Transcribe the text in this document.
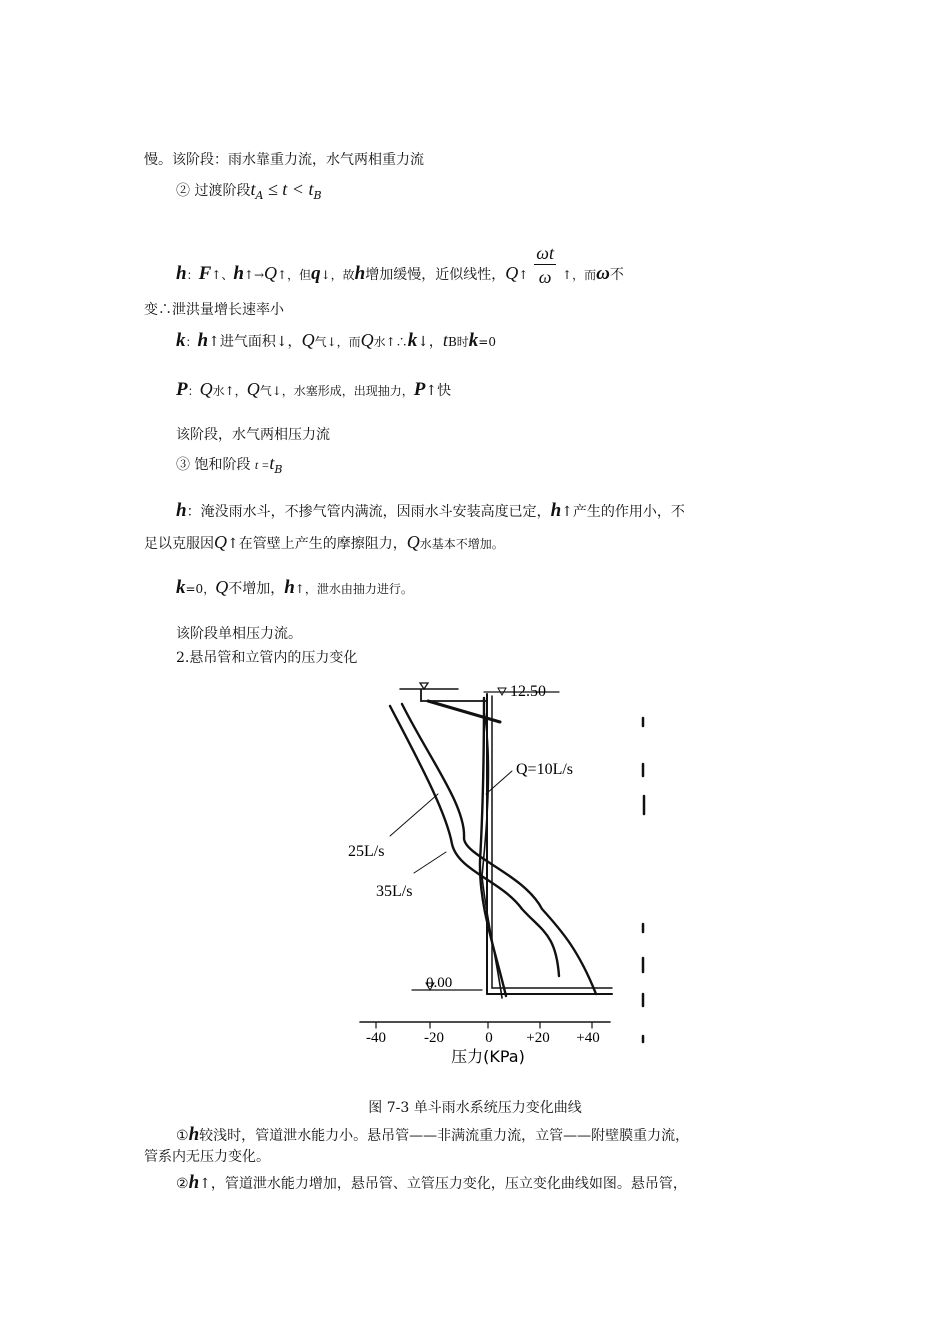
慢。该阶段：雨水靠重力流，水气两相重力流
② 过渡阶段$t_A \le t < t_B$
h：F↑、h↑→Q↑，但q↓，故h增加缓慢，近似线性，Q↑ $\frac{\omega t}{\omega}$ ↑，而ω不
变∴泄洪量增长速率小
k：h↑进气面积↓，Q气↓，而Q水↑∴k↓，tB时k=0
P：Q水↑，Q气↓，水塞形成，出现抽力，P↑快
该阶段，水气两相压力流
③ 饱和阶段 $t =t_B$
h：淹没雨水斗，不掺气管内满流，因雨水斗安装高度已定，h↑产生的作用小，不
足以克服因Q↑在管壁上产生的摩擦阻力，Q水基本不增加。
k=0，Q不增加，h↑，泄水由抽力进行。
该阶段单相压力流。
2.悬吊管和立管内的压力变化
12.50
0.00
Q=10L/s
25L/s
35L/s
-40	-20	0 +20 +40
压力(KPa)
图 7-3 单斗雨水系统压力变化曲线
①h较浅时，管道泄水能力小。悬吊管——非满流重力流，立管——附壁膜重力流，
管系内无压力变化。
②h↑，管道泄水能力增加，悬吊管、立管压力变化，压立变化曲线如图。悬吊管，
